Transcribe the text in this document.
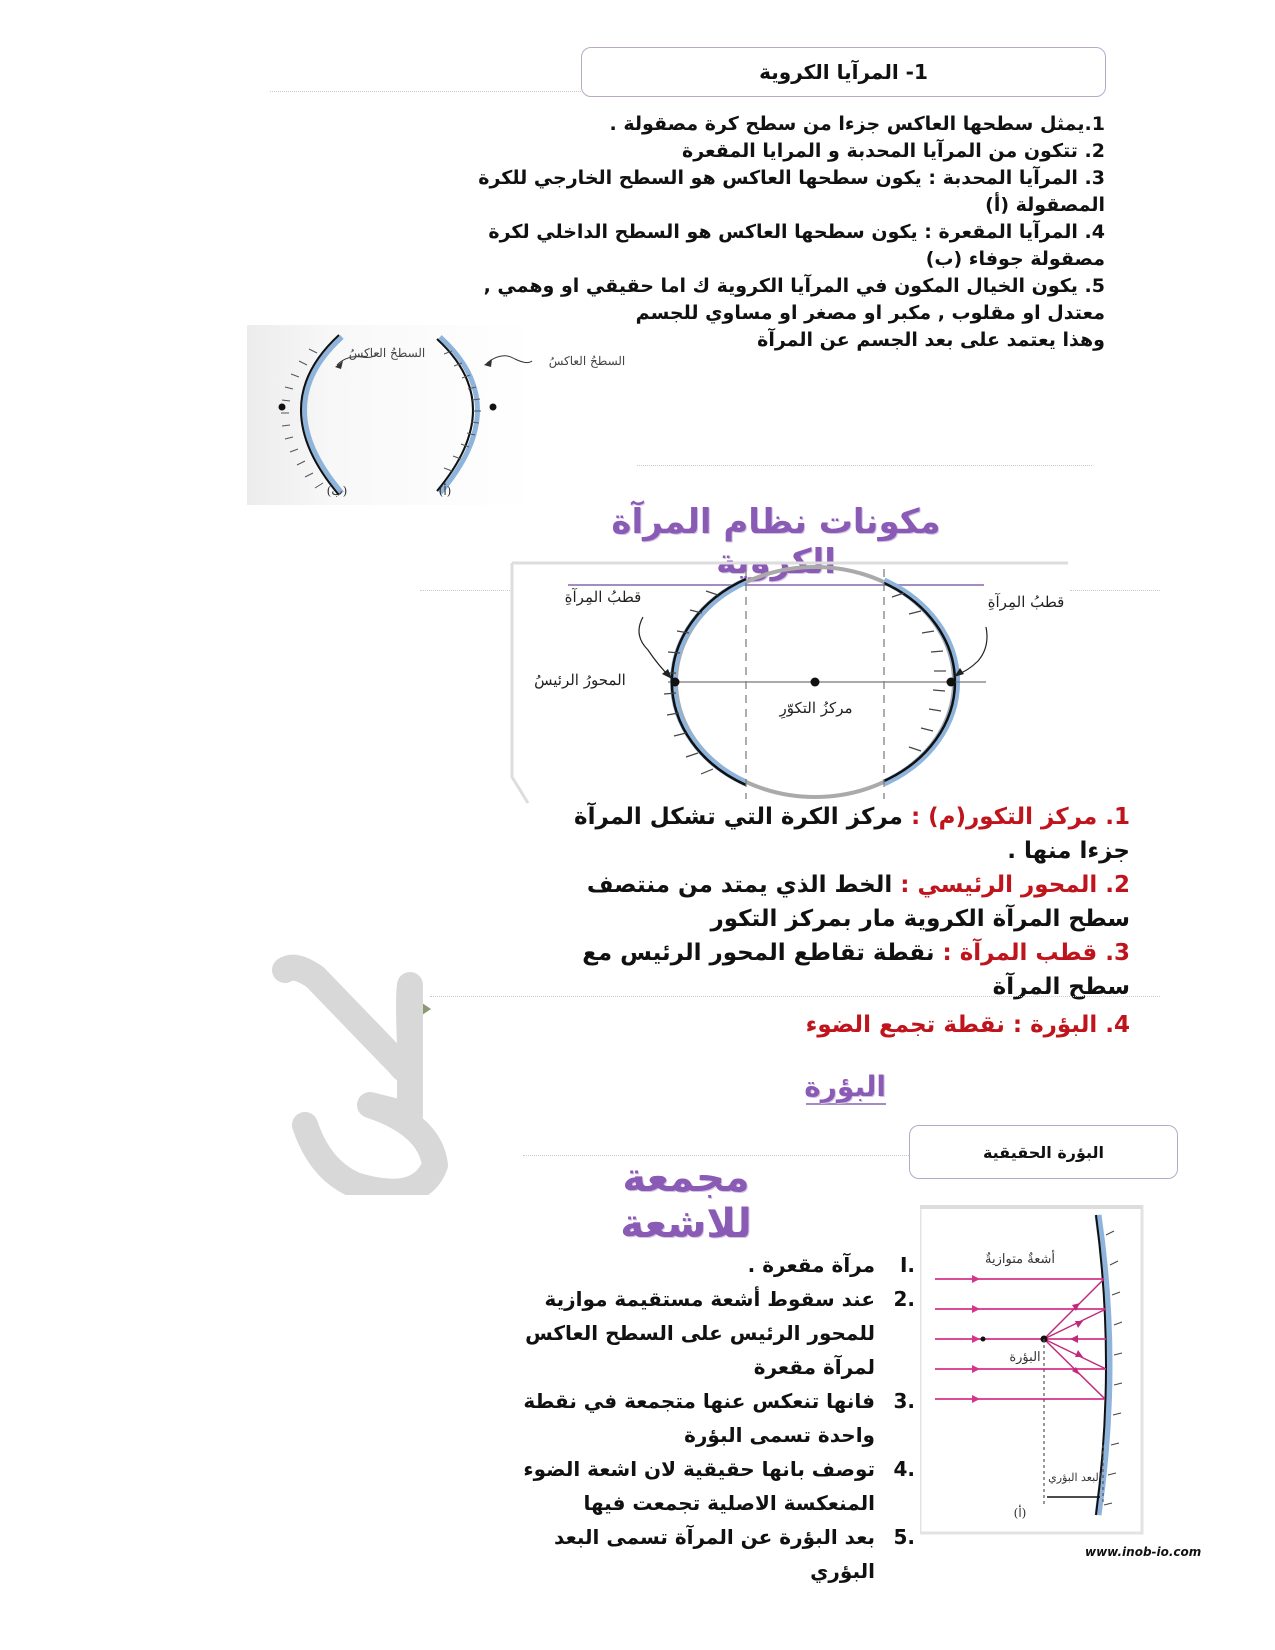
1- المرآيا الكروية
1.يمثل سطحها العاكس جزءا من سطح كرة مصقولة .
2. تتكون من المرآيا المحدبة و المرايا المقعرة
3. المرآيا المحدبة : يكون سطحها العاكس هو السطح الخارجي للكرة المصقولة (أ)
4. المرآيا المقعرة : يكون سطحها العاكس هو السطح الداخلي لكرة مصقولة جوفاء (ب)
5. يكون الخيال المكون في المرآيا الكروية ك اما حقيقي او وهمي , معتدل او مقلوب , مكبر او مصغر او مساوي للجسم
وهذا يعتمد على بعد الجسم عن المرآة
السطحُ العاكسُ
السطحُ العاكسُ
(ب)	(أ)
مكونات نظام المرآة الكروية
قطبُ المِرآةِ	قطبُ المِرآةِ
المحورُ الرئيسُ
مركزُ التكوّرِ
1. مركز التكور(م) : مركز الكرة التي تشكل المرآة جزءا منها .
2. المحور الرئيسي : الخط الذي يمتد من منتصف سطح المرآة الكروية مار بمركز التكور
3. قطب المرآة : نقطة تقاطع المحور الرئيس مع سطح المرآة
4. البؤرة : نقطة تجمع الضوء
البؤرة
البؤرة الحقيقية
مجمعة للاشعة
.I
مرآة مقعرة .
.2
عند سقوط أشعة مستقيمة موازية للمحور الرئيس على السطح العاكس لمرآة مقعرة
.3
فانها تنعكس عنها متجمعة في نقطة واحدة تسمى البؤرة
.4
توصف بانها حقيقية لان اشعة الضوء المنعكسة الاصلية تجمعت فيها
.5
بعد البؤرة عن المرآة تسمى البعد البؤري
أشعةٌ متوازيةٌ
البؤرة
البعد البؤري
(أ)
www.inob-io.com
